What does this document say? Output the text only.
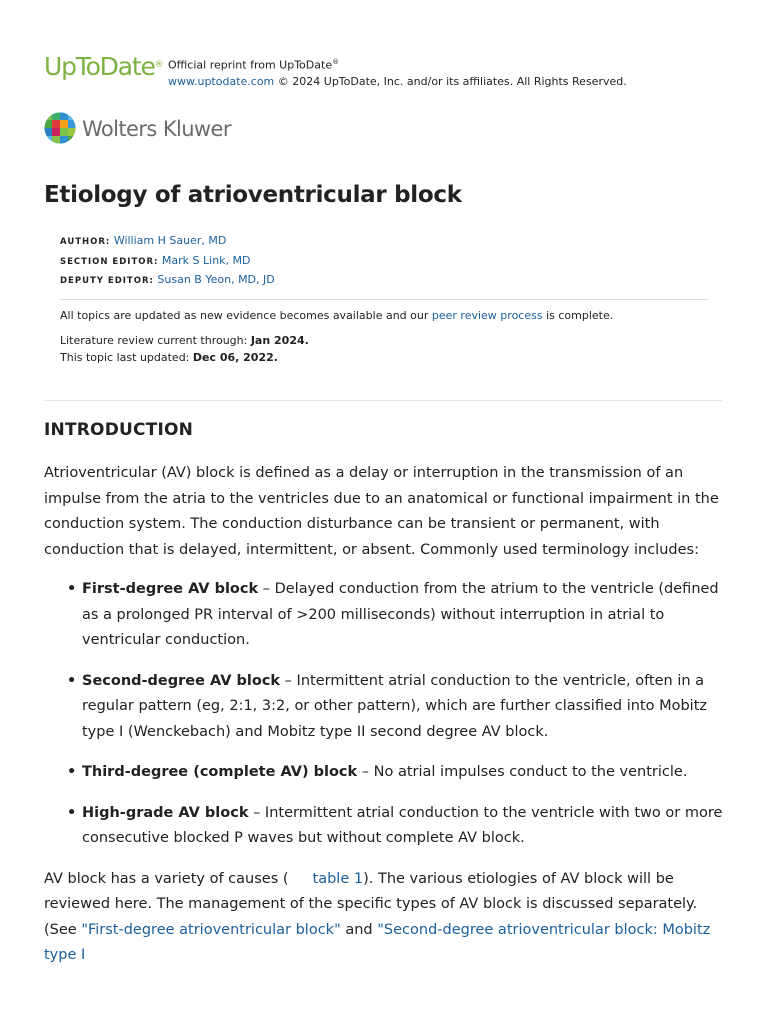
UpToDate® Official reprint from UpToDate®
www.uptodate.com © 2024 UpToDate, Inc. and/or its affiliates. All Rights Reserved.
Wolters Kluwer
Etiology of atrioventricular block
AUTHOR: William H Sauer, MD
SECTION EDITOR: Mark S Link, MD
DEPUTY EDITOR: Susan B Yeon, MD, JD
All topics are updated as new evidence becomes available and our peer review process is complete.
Literature review current through: Jan 2024.
This topic last updated: Dec 06, 2022.
INTRODUCTION

Atrioventricular (AV) block is defined as a delay or interruption in the transmission of an impulse from the atria to the ventricles due to an anatomical or functional impairment in the conduction system. The conduction disturbance can be transient or permanent, with conduction that is delayed, intermittent, or absent. Commonly used terminology includes:

• First-degree AV block – Delayed conduction from the atrium to the ventricle (defined as a prolonged PR interval of >200 milliseconds) without interruption in atrial to ventricular conduction.
• Second-degree AV block – Intermittent atrial conduction to the ventricle, often in a regular pattern (eg, 2:1, 3:2, or other pattern), which are further classified into Mobitz type I (Wenckebach) and Mobitz type II second degree AV block.
• Third-degree (complete AV) block – No atrial impulses conduct to the ventricle.
• High-grade AV block – Intermittent atrial conduction to the ventricle with two or more consecutive blocked P waves but without complete AV block.

AV block has a variety of causes ( table 1). The various etiologies of AV block will be reviewed here. The management of the specific types of AV block is discussed separately. (See "First-degree atrioventricular block" and "Second-degree atrioventricular block: Mobitz type I
